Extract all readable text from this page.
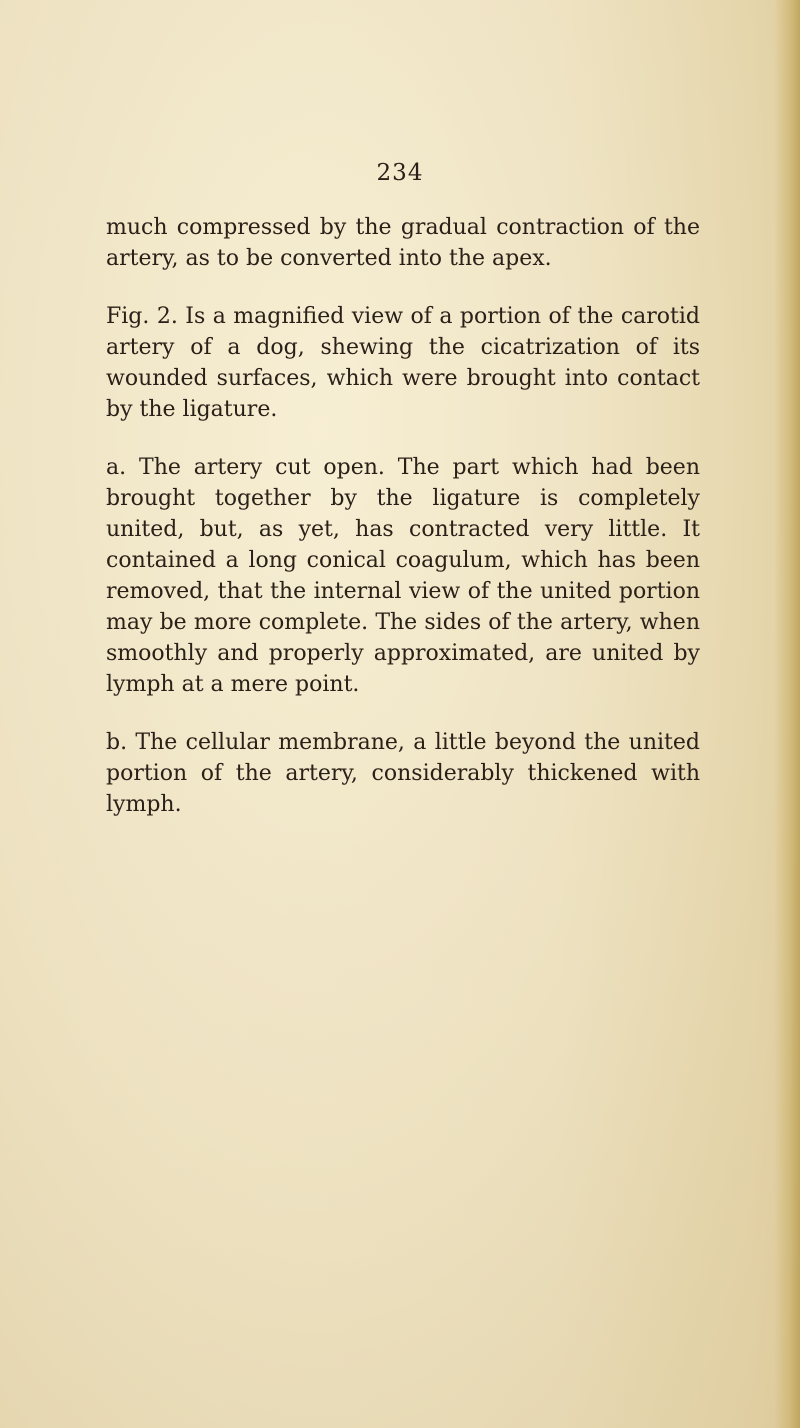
234

much compressed by the gradual contraction of the artery, as to be converted into the apex.

Fig. 2. Is a magnified view of a portion of the carotid artery of a dog, shewing the cicatrization of its wounded surfaces, which were brought into contact by the ligature.

a. The artery cut open. The part which had been brought together by the ligature is completely united, but, as yet, has contracted very little. It contained a long conical coagulum, which has been removed, that the internal view of the united portion may be more complete. The sides of the artery, when smoothly and properly approximated, are united by lymph at a mere point.

b. The cellular membrane, a little beyond the united portion of the artery, considerably thickened with lymph.
